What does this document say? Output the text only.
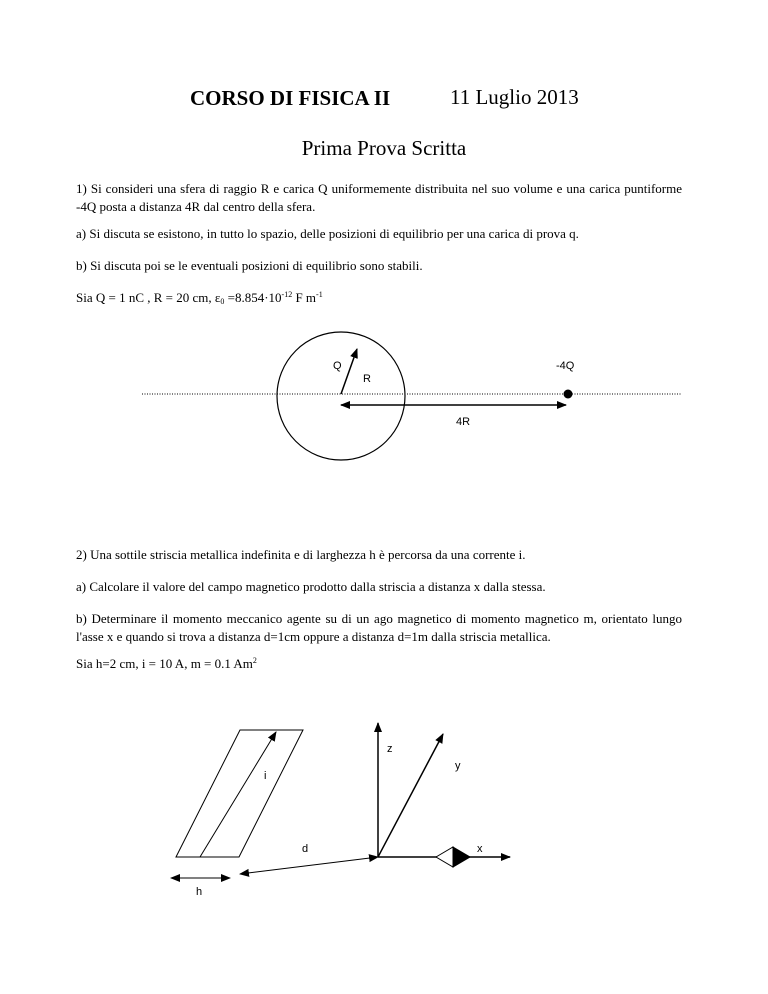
CORSO DI FISICA II	11 Luglio 2013
Prima Prova Scritta
1) Si consideri una sfera di raggio R e carica Q uniformemente distribuita nel suo volume e una carica puntiforme -4Q posta a distanza 4R dal centro della sfera.
a) Si discuta se esistono, in tutto lo spazio, delle posizioni di equilibrio per una carica di prova q.
b) Si discuta poi se le eventuali posizioni di equilibrio sono stabili.
Sia Q = 1 nC , R = 20 cm, $\varepsilon_0 =8.854\cdot 10^{-12}$ F $m^{-1}$
Q
R
-4Q
4R
2) Una sottile striscia metallica indefinita e di larghezza h è percorsa da una corrente i.
a) Calcolare il valore del campo magnetico prodotto dalla striscia a distanza x dalla stessa.
b) Determinare il momento meccanico agente su di un ago magnetico di momento magnetico m, orientato lungo l'asse x e quando si trova a distanza d=1cm oppure a distanza d=1m dalla striscia metallica.
Sia h=2 cm, i = 10 A, m = 0.1 Am$^2$
z
y
i
d	x
h
